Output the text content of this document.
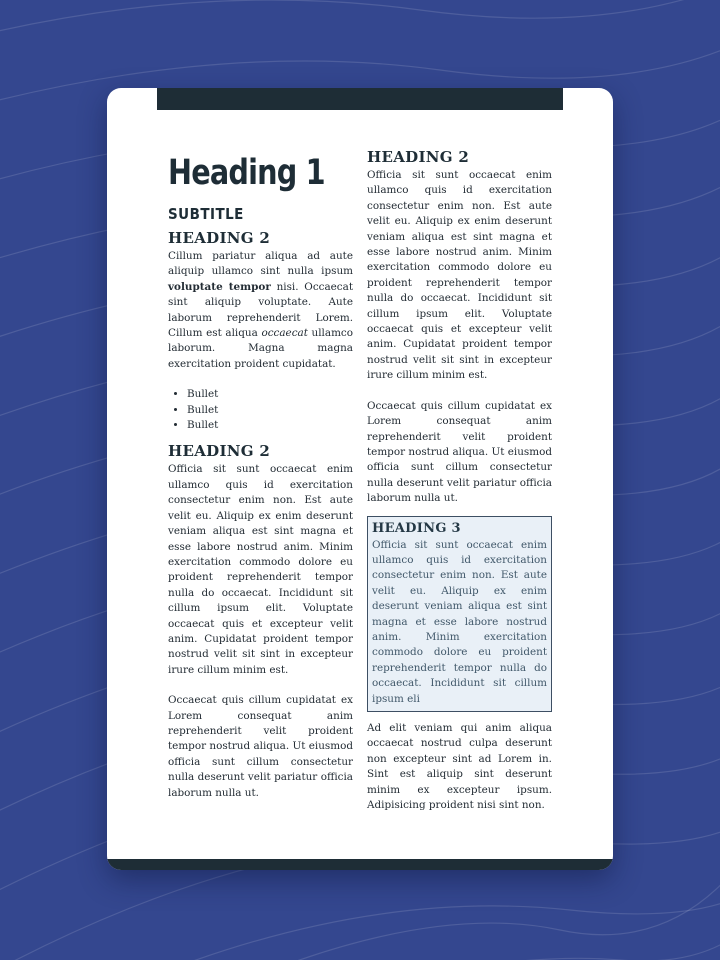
Heading 1
SUBTITLE
HEADING 2

Cillum pariatur aliqua ad aute aliquip ullamco sint nulla ipsum voluptate tempor nisi. Occaecat sint aliquip voluptate. Aute laborum reprehenderit Lorem. Cillum est aliqua occaecat ullamco laborum. Magna magna exercitation proident cupidatat.

• Bullet
• Bullet
• Bullet
HEADING 2

Officia sit sunt occaecat enim ullamco quis id exercitation consectetur enim non. Est aute velit eu. Aliquip ex enim deserunt veniam aliqua est sint magna et esse labore nostrud anim. Minim exercitation commodo dolore eu proident reprehenderit tempor nulla do occaecat. Incididunt sit cillum ipsum elit. Voluptate occaecat quis et excepteur velit anim. Cupidatat proident tempor nostrud velit sit sint in excepteur irure cillum minim est.

Occaecat quis cillum cupidatat ex Lorem consequat anim reprehenderit velit proident tempor nostrud aliqua. Ut eiusmod officia sunt cillum consectetur nulla deserunt velit pariatur officia laborum nulla ut.

HEADING 2

Officia sit sunt occaecat enim ullamco quis id exercitation consectetur enim non. Est aute velit eu. Aliquip ex enim deserunt veniam aliqua est sint magna et esse labore nostrud anim. Minim exercitation commodo dolore eu proident reprehenderit tempor nulla do occaecat. Incididunt sit cillum ipsum elit. Voluptate occaecat quis et excepteur velit anim. Cupidatat proident tempor nostrud velit sit sint in excepteur irure cillum minim est.

Occaecat quis cillum cupidatat ex Lorem consequat anim reprehenderit velit proident tempor nostrud aliqua. Ut eiusmod officia sunt cillum consectetur nulla deserunt velit pariatur officia laborum nulla ut.

HEADING 3

Officia sit sunt occaecat enim ullamco quis id exercitation consectetur enim non. Est aute velit eu. Aliquip ex enim deserunt veniam aliqua est sint magna et esse labore nostrud anim. Minim exercitation commodo dolore eu proident reprehenderit tempor nulla do occaecat. Incididunt sit cillum ipsum eli

Ad elit veniam qui anim aliqua occaecat nostrud culpa deserunt non excepteur sint ad Lorem in. Sint est aliquip sint deserunt minim ex excepteur ipsum. Adipisicing proident nisi sint non.
